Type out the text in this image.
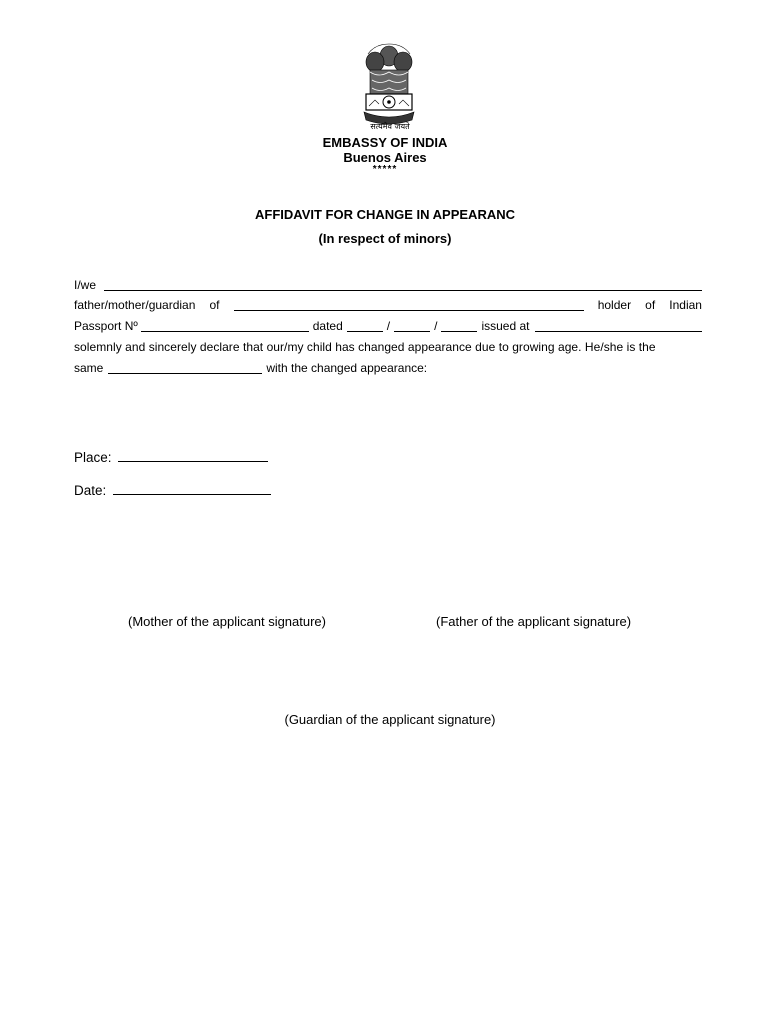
सत्यमेव जयते
EMBASSY OF INDIA
Buenos Aires
*****
AFFIDAVIT FOR CHANGE IN APPEARANC
(In respect of minors)
I/we
father/mother/guardian of	holder of Indian
Passport Nº	dated	/	/	issued at
solemnly and sincerely declare that our/my child has changed appearance due to growing age. He/she is the
same	with the changed appearance:
Place:
Date:
(Mother of the applicant signature)	(Father of the applicant signature)
(Guardian of the applicant signature)
